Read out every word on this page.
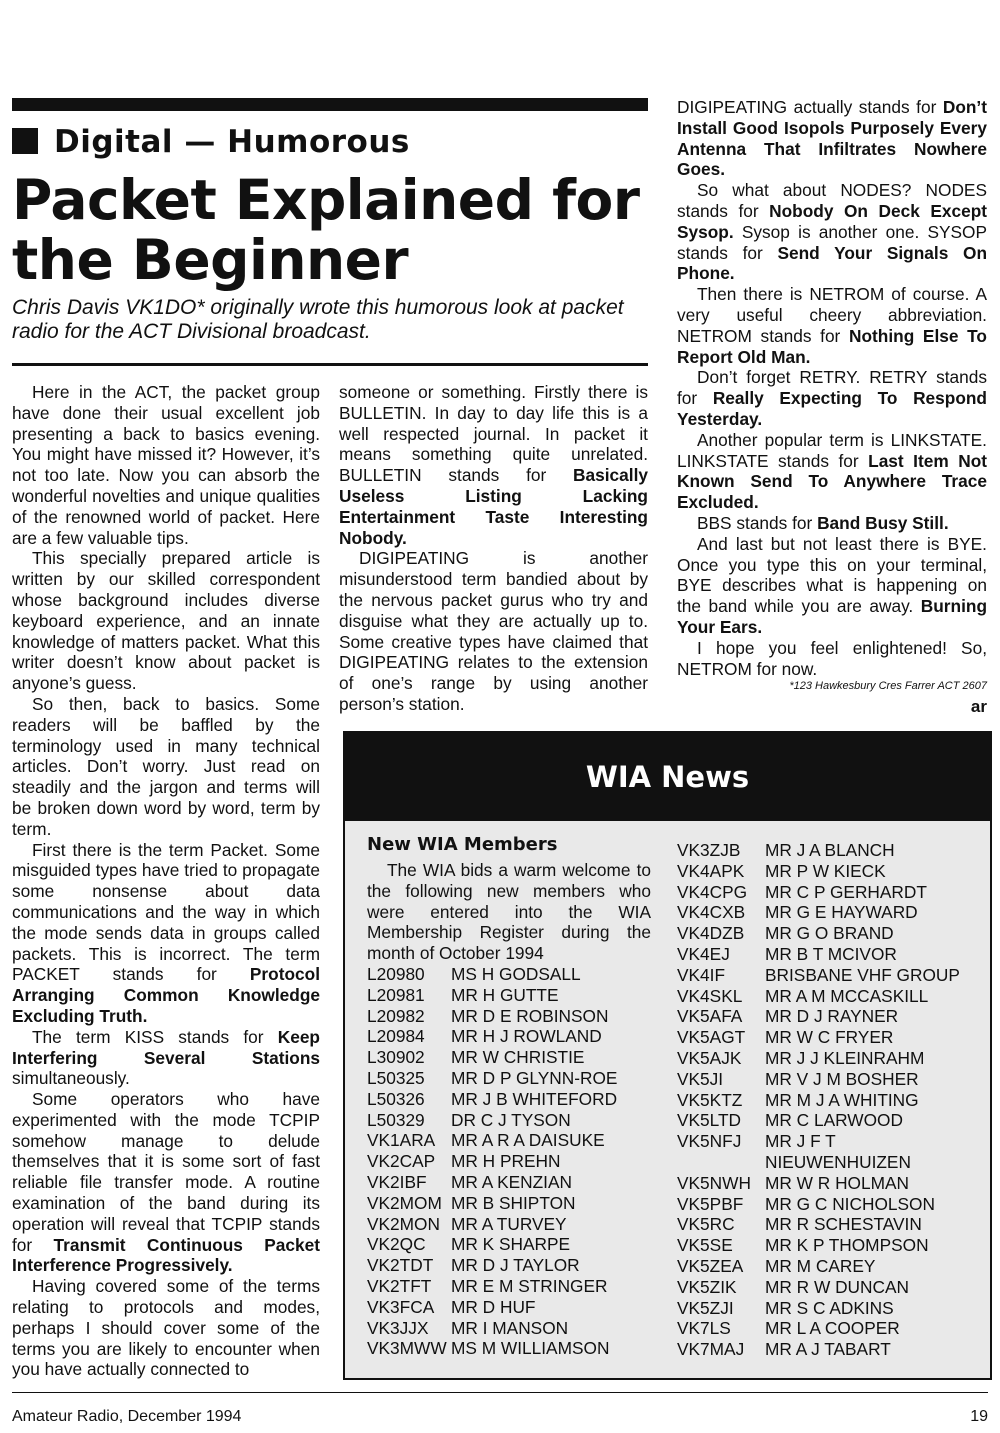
Digital — Humorous
Packet Explained for the Beginner
Chris Davis VK1DO* originally wrote this humorous look at packet radio for the ACT Divisional broadcast.

Here in the ACT, the packet group have done their usual excellent job presenting a back to basics evening. You might have missed it? However, it’s not too late. Now you can absorb the wonderful novelties and unique qualities of the renowned world of packet. Here are a few valuable tips.

This specially prepared article is written by our skilled correspondent whose background includes diverse keyboard experience, and an innate knowledge of matters packet. What this writer doesn’t know about packet is anyone’s guess.

So then, back to basics. Some readers will be baffled by the terminology used in many technical articles. Don’t worry. Just read on steadily and the jargon and terms will be broken down word by word, term by term.

First there is the term Packet. Some misguided types have tried to propagate some nonsense about data communications and the way in which the mode sends data in groups called packets. This is incorrect. The term PACKET stands for Protocol Arranging Common Knowledge Excluding Truth.

The term KISS stands for Keep Interfering Several Stations simultaneously.

Some operators who have experimented with the mode TCPIP somehow manage to delude themselves that it is some sort of fast reliable file transfer mode. A routine examination of the band during its operation will reveal that TCPIP stands for Transmit Continuous Packet Interference Progressively.

Having covered some of the terms relating to protocols and modes, perhaps I should cover some of the terms you are likely to encounter when you have actually connected to

someone or something. Firstly there is BULLETIN. In day to day life this is a well respected journal. In packet it means something quite unrelated. BULLETIN stands for Basically Useless Listing Lacking Entertainment Taste Interesting Nobody.

DIGIPEATING is another misunderstood term bandied about by the nervous packet gurus who try and disguise what they are actually up to. Some creative types have claimed that DIGIPEATING relates to the extension of one’s range by using another person’s station.

DIGIPEATING actually stands for Don’t Install Good Isopols Purposely Every Antenna That Infiltrates Nowhere Goes.

So what about NODES? NODES stands for Nobody On Deck Except Sysop. Sysop is another one. SYSOP stands for Send Your Signals On Phone.

Then there is NETROM of course. A very useful cheery abbreviation. NETROM stands for Nothing Else To Report Old Man.

Don’t forget RETRY. RETRY stands for Really Expecting To Respond Yesterday.

Another popular term is LINKSTATE. LINKSTATE stands for Last Item Not Known Send To Anywhere Trace Excluded.

BBS stands for Band Busy Still.

And last but not least there is BYE. Once you type this on your terminal, BYE describes what is happening on the band while you are away. Burning Your Ears.

I hope you feel enlightened! So, NETROM for now.

*123 Hawkesbury Cres Farrer ACT 2607
ar
WIA News
New WIA Members

The WIA bids a warm welcome to the following new members who were entered into the WIA Membership Register during the month of October 1994

L20980	MS H GODSALL
L20981	MR H GUTTE
L20982	MR D E ROBINSON
L20984	MR H J ROWLAND
L30902	MR W CHRISTIE
L50325	MR D P GLYNN-ROE
L50326	MR J B WHITEFORD
L50329	DR C J TYSON
VK1ARA MR A R A DAISUKE
VK2CAP MR H PREHN
VK2IBF	MR A KENZIAN
VK2MOM MR B SHIPTON
VK2MON MR A TURVEY
VK2QC	MR K SHARPE
VK2TDT	MR D J TAYLOR
VK2TFT	MR E M STRINGER
VK3FCA MR D HUF
VK3JJX	MR I MANSON
VK3MWW MS M WILLIAMSON
VK3ZJB	MR J A BLANCH
VK4APK	MR P W KIECK
VK4CPG	MR C P GERHARDT
VK4CXB	MR G E HAYWARD
VK4DZB	MR G O BRAND
VK4EJ	MR B T MCIVOR
VK4IF	BRISBANE VHF GROUP
VK4SKL	MR A M MCCASKILL
VK5AFA	MR D J RAYNER
VK5AGT	MR W C FRYER
VK5AJK	MR J J KLEINRAHM
VK5JI	MR V J M BOSHER
VK5KTZ	MR M J A WHITING
VK5LTD	MR C LARWOOD
VK5NFJ	MR J F T
NIEUWENHUIZEN
VK5NWH MR W R HOLMAN
VK5PBF	MR G C NICHOLSON
VK5RC	MR R SCHESTAVIN
VK5SE	MR K P THOMPSON
VK5ZEA	MR M CAREY
VK5ZIK	MR R W DUNCAN
VK5ZJI	MR S C ADKINS
VK7LS	MR L A COOPER
VK7MAJ	MR A J TABART
Amateur Radio, December 1994	19
